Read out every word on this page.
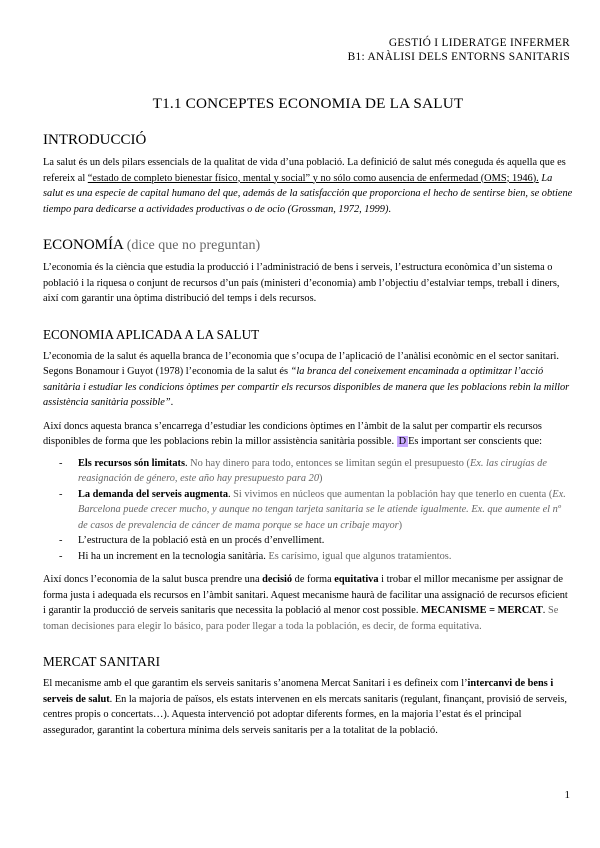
GESTIÓ I LIDERATGE INFERMER
B1: ANÀLISI DELS ENTORNS SANITARIS
T1.1 CONCEPTES ECONOMIA DE LA SALUT
INTRODUCCIÓ

La salut és un dels pilars essencials de la qualitat de vida d’una població. La definició de salut més coneguda és aquella que es refereix al “estado de completo bienestar físico, mental y social” y no sólo como ausencia de enfermedad (OMS; 1946). La salut es una especie de capital humano del que, además de la satisfacción que proporciona el hecho de sentirse bien, se obtiene tiempo para dedicarse a actividades productivas o de ocio (Grossman, 1972, 1999).

ECONOMÍA (dice que no preguntan)

L’economia és la ciència que estudia la producció i l’administració de bens i serveis, l’estructura econòmica d’un sistema o població i la riquesa o conjunt de recursos d’un país (ministeri d’economia) amb l’objectiu d’estalviar temps, treball i diners, així com garantir una òptima distribució del temps i dels recursos.

ECONOMIA APLICADA A LA SALUT

L’economia de la salut és aquella branca de l’economia que s’ocupa de l’aplicació de l’anàlisi econòmic en el sector sanitari. Segons Bonamour i Guyot (1978) l’economia de la salut és “la branca del coneixement encaminada a optimitzar l’acció sanitària i estudiar les condicions òptimes per compartir els recursos disponibles de manera que les poblacions rebin la millor assistència sanitària possible”.

Així doncs aquesta branca s’encarrega d’estudiar les condicions òptimes en l’àmbit de la salut per compartir els recursos disponibles de forma que les poblacions rebin la millor assistència sanitària possible. D Es important ser conscients que:

- Els recursos són limitats. No hay dinero para todo, entonces se limitan según el presupuesto (Ex. las cirugías de reasignación de género, este año hay presupuesto para 20)
- La demanda del serveis augmenta. Si vivimos en núcleos que aumentan la población hay que tenerlo en cuenta (Ex. Barcelona puede crecer mucho, y aunque no tengan tarjeta sanitaria se le atiende igualmente. Ex. que aumente el nº de casos de prevalencia de cáncer de mama porque se hace un cribaje mayor)
- L’estructura de la població està en un procés d’envelliment.
- Hi ha un increment en la tecnologia sanitària. Es carísimo, igual que algunos tratamientos.

Així doncs l’economia de la salut busca prendre una decisió de forma equitativa i trobar el millor mecanisme per assignar de forma justa i adequada els recursos en l’àmbit sanitari. Aquest mecanisme haurà de facilitar una assignació de recursos eficient i garantir la producció de serveis sanitaris que necessita la població al menor cost possible. MECANISME = MERCAT. Se toman decisiones para elegir lo básico, para poder llegar a toda la población, es decir, de forma equitativa.

MERCAT SANITARI

El mecanisme amb el que garantim els serveis sanitaris s’anomena Mercat Sanitari i es defineix com l’intercanvi de bens i serveis de salut. En la majoria de països, els estats intervenen en els mercats sanitaris (regulant, finançant, provisió de serveis, centres propis o concertats…). Aquesta intervenció pot adoptar diferents formes, en la majoria l’estat és el principal assegurador, garantint la cobertura mínima dels serveis sanitaris per a la totalitat de la població.

1
